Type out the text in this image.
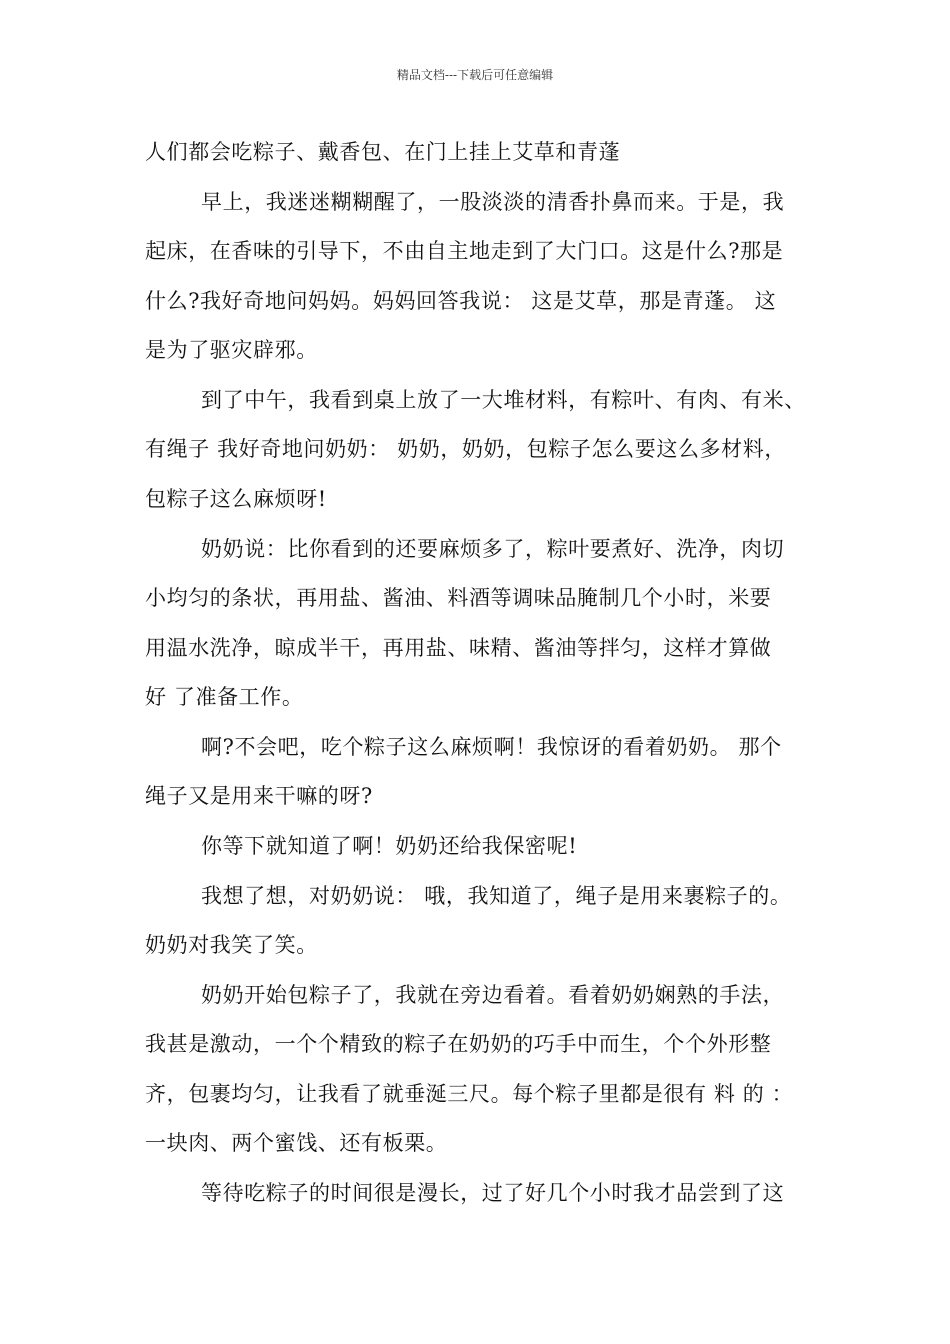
精品文档---下载后可任意编辑
人们都会吃粽子、戴香包、在门上挂上艾草和青蓬
早上，我迷迷糊糊醒了，一股淡淡的清香扑鼻而来。于是，我
起床，在香味的引导下，不由自主地走到了大门口。这是什么?那是
什么?我好奇地问妈妈。妈妈回答我说： 这是艾草，那是青蓬。 这
是为了驱灾辟邪。
到了中午，我看到桌上放了一大堆材料，有粽叶、有肉、有米、
有绳子 我好奇地问奶奶： 奶奶，奶奶，包粽子怎么要这么多材料，
包粽子这么麻烦呀!
奶奶说：比你看到的还要麻烦多了，粽叶要煮好、洗净，肉切
小均匀的条状，再用盐、酱油、料酒等调味品腌制几个小时，米要
用温水洗净，晾成半干，再用盐、味精、酱油等拌匀，这样才算做
好 了准备工作。
啊?不会吧，吃个粽子这么麻烦啊！我惊讶的看着奶奶。 那个
绳子又是用来干嘛的呀?
你等下就知道了啊！奶奶还给我保密呢!
我想了想，对奶奶说： 哦，我知道了，绳子是用来裹粽子的。
奶奶对我笑了笑。
奶奶开始包粽子了，我就在旁边看着。看着奶奶娴熟的手法，
我甚是激动，一个个精致的粽子在奶奶的巧手中而生，个个外形整
齐，包裹均匀，让我看了就垂涎三尺。每个粽子里都是很有 料 的 ：
一块肉、两个蜜饯、还有板栗。
等待吃粽子的时间很是漫长，过了好几个小时我才品尝到了这
